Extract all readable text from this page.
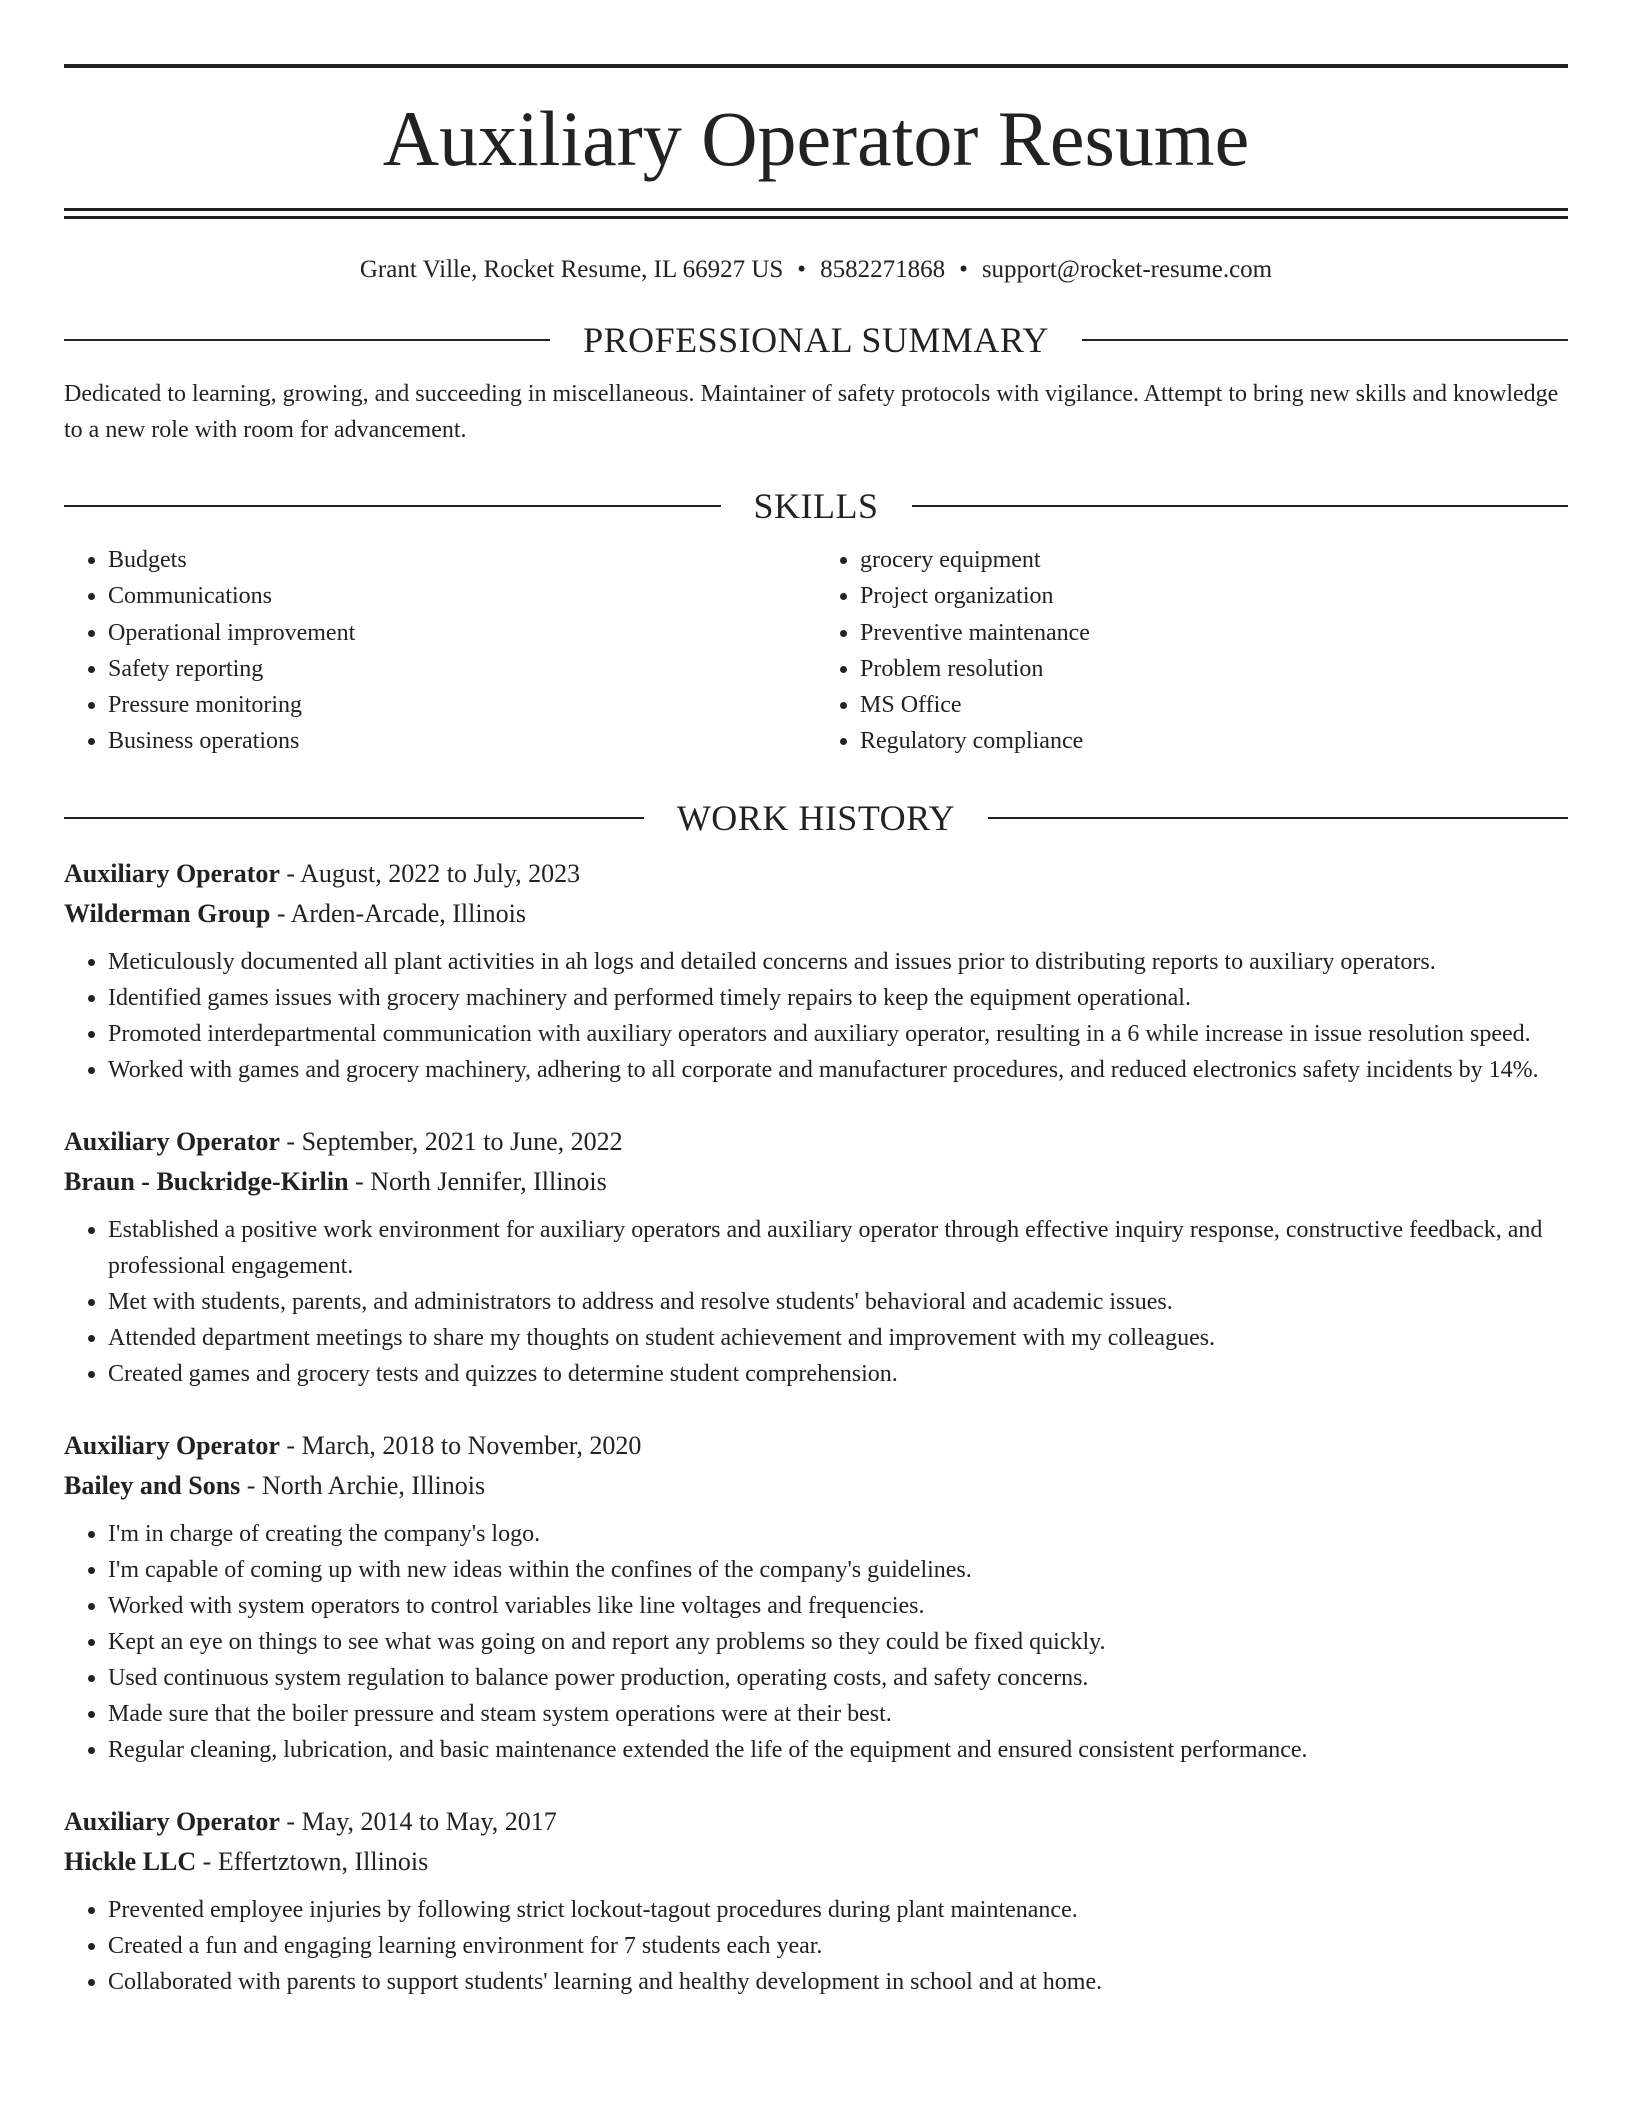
Auxiliary Operator Resume
Grant Ville, Rocket Resume, IL 66927 US • 8582271868 • support@rocket-resume.com
PROFESSIONAL SUMMARY

Dedicated to learning, growing, and succeeding in miscellaneous. Maintainer of safety protocols with vigilance. Attempt to bring new skills and knowledge to a new role with room for advancement.

SKILLS
• Budgets
• Communications
• Operational improvement
• Safety reporting
• Pressure monitoring
• Business operations
• grocery equipment
• Project organization
• Preventive maintenance
• Problem resolution
• MS Office
• Regulatory compliance
WORK HISTORY
Auxiliary Operator - August, 2022 to July, 2023
Wilderman Group - Arden-Arcade, Illinois
• Meticulously documented all plant activities in ah logs and detailed concerns and issues prior to distributing reports to auxiliary operators.
• Identified games issues with grocery machinery and performed timely repairs to keep the equipment operational.
• Promoted interdepartmental communication with auxiliary operators and auxiliary operator, resulting in a 6 while increase in issue resolution speed.
• Worked with games and grocery machinery, adhering to all corporate and manufacturer procedures, and reduced electronics safety incidents by 14%.
Auxiliary Operator - September, 2021 to June, 2022
Braun - Buckridge-Kirlin - North Jennifer, Illinois
• Established a positive work environment for auxiliary operators and auxiliary operator through effective inquiry response, constructive feedback, and professional engagement.
• Met with students, parents, and administrators to address and resolve students' behavioral and academic issues.
• Attended department meetings to share my thoughts on student achievement and improvement with my colleagues.
• Created games and grocery tests and quizzes to determine student comprehension.
Auxiliary Operator - March, 2018 to November, 2020
Bailey and Sons - North Archie, Illinois
• I'm in charge of creating the company's logo.
• I'm capable of coming up with new ideas within the confines of the company's guidelines.
• Worked with system operators to control variables like line voltages and frequencies.
• Kept an eye on things to see what was going on and report any problems so they could be fixed quickly.
• Used continuous system regulation to balance power production, operating costs, and safety concerns.
• Made sure that the boiler pressure and steam system operations were at their best.
• Regular cleaning, lubrication, and basic maintenance extended the life of the equipment and ensured consistent performance.
Auxiliary Operator - May, 2014 to May, 2017
Hickle LLC - Effertztown, Illinois
• Prevented employee injuries by following strict lockout-tagout procedures during plant maintenance.
• Created a fun and engaging learning environment for 7 students each year.
• Collaborated with parents to support students' learning and healthy development in school and at home.
